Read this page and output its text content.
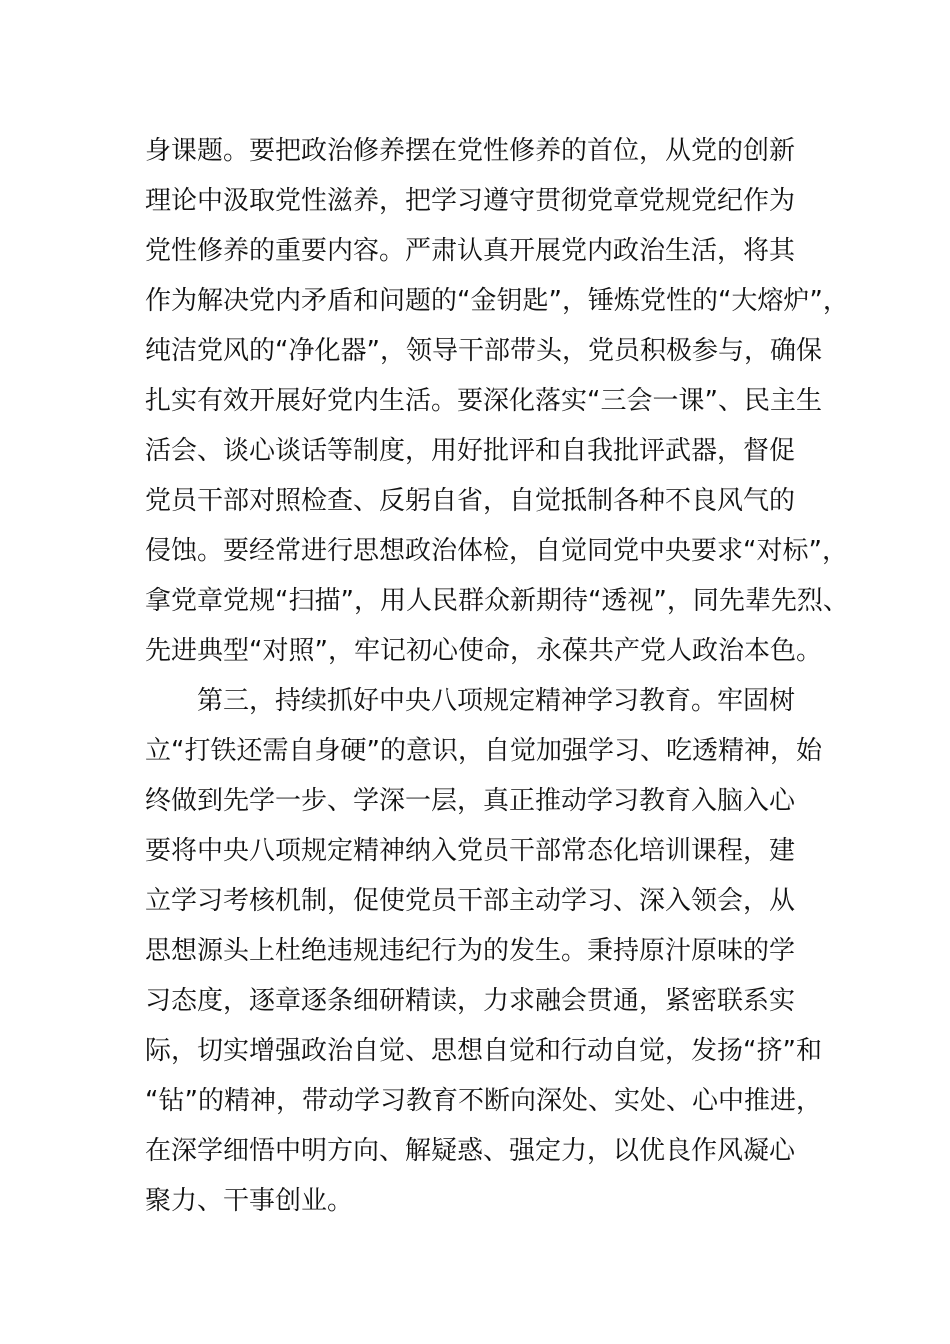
身课题。要把政治修养摆在党性修养的首位，从党的创新
理论中汲取党性滋养，把学习遵守贯彻党章党规党纪作为
党性修养的重要内容。严肃认真开展党内政治生活，将其
作为解决党内矛盾和问题的“金钥匙”，锤炼党性的“大熔炉”，
纯洁党风的“净化器”，领导干部带头，党员积极参与，确保
扎实有效开展好党内生活。要深化落实“三会一课”、民主生
活会、谈心谈话等制度，用好批评和自我批评武器，督促
党员干部对照检查、反躬自省，自觉抵制各种不良风气的
侵蚀。要经常进行思想政治体检，自觉同党中央要求“对标”，
拿党章党规“扫描”，用人民群众新期待“透视”，同先辈先烈、
先进典型“对照”，牢记初心使命，永葆共产党人政治本色。
第三，持续抓好中央八项规定精神学习教育。牢固树
立“打铁还需自身硬”的意识，自觉加强学习、吃透精神，始
终做到先学一步、学深一层，真正推动学习教育入脑入心
要将中央八项规定精神纳入党员干部常态化培训课程，建
立学习考核机制，促使党员干部主动学习、深入领会，从
思想源头上杜绝违规违纪行为的发生。秉持原汁原味的学
习态度，逐章逐条细研精读，力求融会贯通，紧密联系实
际，切实增强政治自觉、思想自觉和行动自觉，发扬“挤”和
“钻”的精神，带动学习教育不断向深处、实处、心中推进，
在深学细悟中明方向、解疑惑、强定力，以优良作风凝心
聚力、干事创业。
